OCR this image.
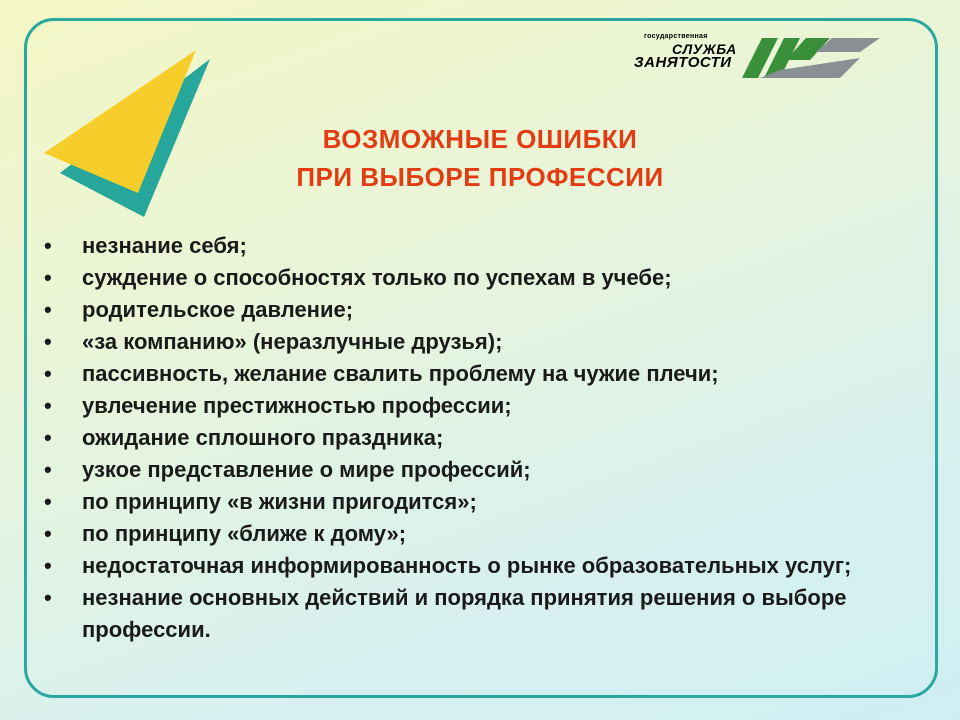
государственная
СЛУЖБА
ЗАНЯТОСТИ
ВОЗМОЖНЫЕ ОШИБКИ
ПРИ ВЫБОРЕ ПРОФЕССИИ
• незнание себя;
• суждение о способностях только по успехам в учебе;
• родительское давление;
• «за компанию» (неразлучные друзья);
• пассивность, желание свалить проблему на чужие плечи;
• увлечение престижностью профессии;
• ожидание сплошного праздника;
• узкое представление о мире профессий;
• по принципу «в жизни пригодится»;
• по принципу «ближе к дому»;
• недостаточная информированность о рынке образовательных услуг;
• незнание основных действий и порядка принятия решения о выборе профессии.
